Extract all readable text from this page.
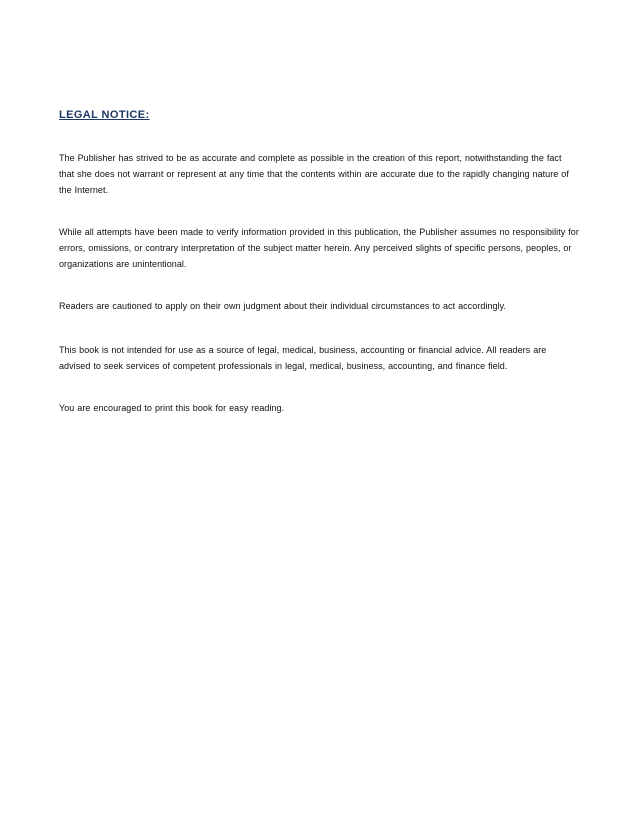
LEGAL NOTICE:

The Publisher has strived to be as accurate and complete as possible in the creation of this report, notwithstanding the fact that she does not warrant or represent at any time that the contents within are accurate due to the rapidly changing nature of the Internet.

While all attempts have been made to verify information provided in this publication, the Publisher assumes no responsibility for errors, omissions, or contrary interpretation of the subject matter herein. Any perceived slights of specific persons, peoples, or organizations are unintentional.

Readers are cautioned to apply on their own judgment about their individual circumstances to act accordingly.

This book is not intended for use as a source of legal, medical, business, accounting or financial advice. All readers are advised to seek services of competent professionals in legal, medical, business, accounting, and finance field.

You are encouraged to print this book for easy reading.
